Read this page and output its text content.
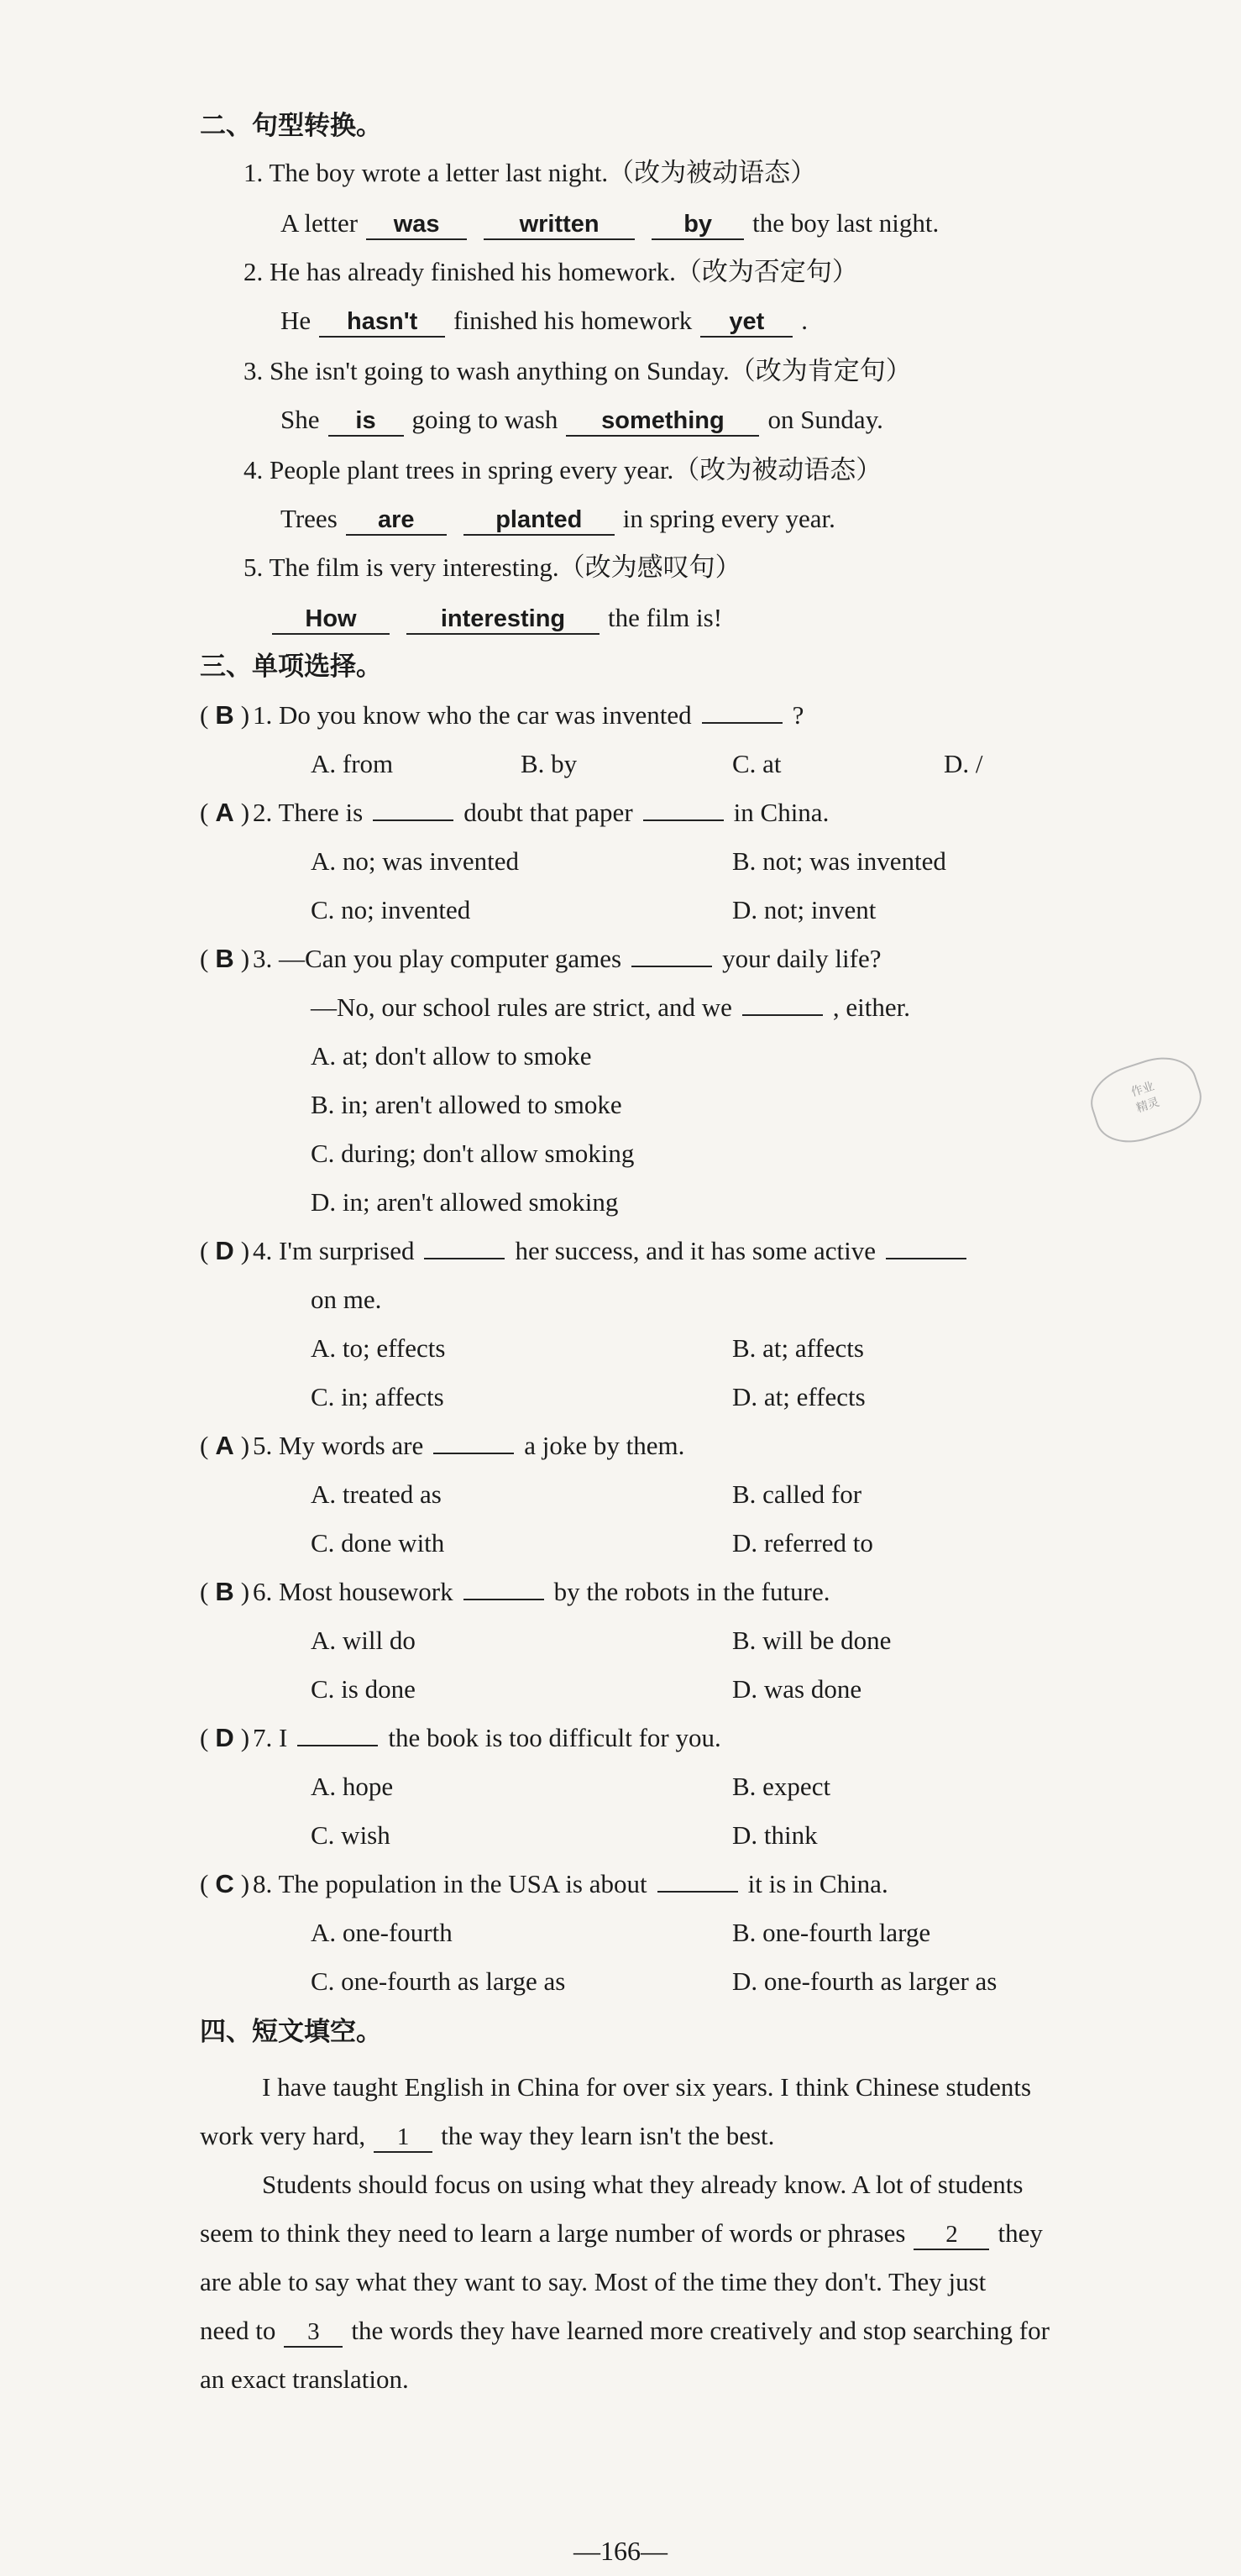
二、句型转换。
1. The boy wrote a letter last night.（改为被动语态）
A letter was	written	by the boy last night.
2. He has already finished his homework.（改为否定句）
He hasn't finished his homework yet .
3. She isn't going to wash anything on Sunday.（改为肯定句）
She is going to wash something on Sunday.
4. People plant trees in spring every year.（改为被动语态）
Trees are	planted in spring every year.
5. The film is very interesting.（改为感叹句）
How	interesting the film is!
三、单项选择。
( B ) 1. Do you know who the car was invented	?
A. from	B. by	C. at	D. /
( A ) 2. There is	doubt that paper	in China.
A. no; was invented	B. not; was invented
C. no; invented	D. not; invent
( B ) 3. —Can you play computer games	your daily life?
—No, our school rules are strict, and we	, either.
A. at; don't allow to smoke
B. in; aren't allowed to smoke
C. during; don't allow smoking
D. in; aren't allowed smoking
( D ) 4. I'm surprised	her success, and it has some active
on me.
A. to; effects	B. at; affects
C. in; affects	D. at; effects
( A ) 5. My words are	a joke by them.
A. treated as	B. called for
C. done with	D. referred to
( B ) 6. Most housework	by the robots in the future.
A. will do	B. will be done
C. is done	D. was done
( D ) 7. I	the book is too difficult for you.
A. hope	B. expect
C. wish	D. think
( C ) 8. The population in the USA is about	it is in China.
A. one-fourth	B. one-fourth large
C. one-fourth as large as	D. one-fourth as larger as
四、短文填空。
I have taught English in China for over six years. I think Chinese students
work very hard, 1 the way they learn isn't the best.
Students should focus on using what they already know. A lot of students
seem to think they need to learn a large number of words or phrases 2 they
are able to say what they want to say. Most of the time they don't. They just
need to 3 the words they have learned more creatively and stop searching for
an exact translation.
作业
精灵
—166—
